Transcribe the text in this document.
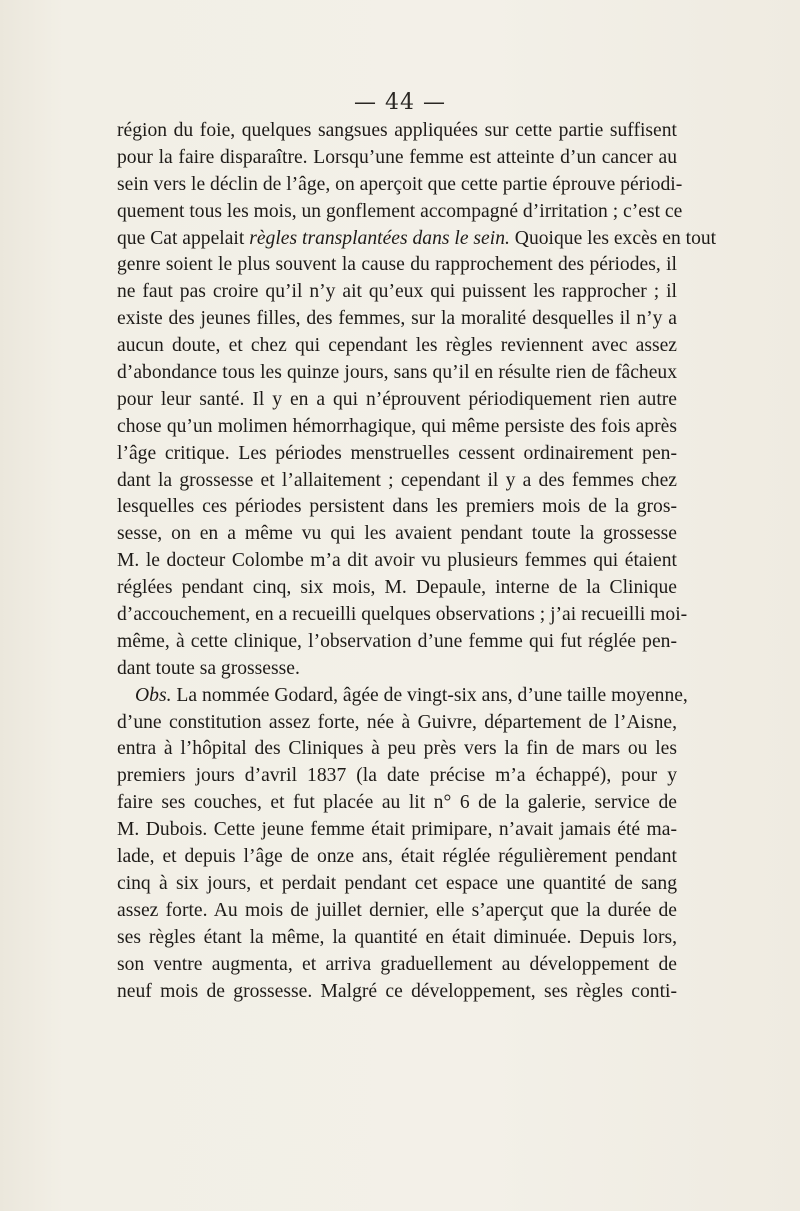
— 44 —
région du foie, quelques sangsues appliquées sur cette partie suffisent
pour la faire disparaître. Lorsqu’une femme est atteinte d’un cancer au
sein vers le déclin de l’âge, on aperçoit que cette partie éprouve périodi-
quement tous les mois, un gonflement accompagné d’irritation ; c’est ce
que Cat appelait règles transplantées dans le sein. Quoique les excès en tout
genre soient le plus souvent la cause du rapprochement des périodes, il
ne faut pas croire qu’il n’y ait qu’eux qui puissent les rapprocher ; il
existe des jeunes filles, des femmes, sur la moralité desquelles il n’y a
aucun doute, et chez qui cependant les règles reviennent avec assez
d’abondance tous les quinze jours, sans qu’il en résulte rien de fâcheux
pour leur santé. Il y en a qui n’éprouvent périodiquement rien autre
chose qu’un molimen hémorrhagique, qui même persiste des fois après
l’âge critique. Les périodes menstruelles cessent ordinairement pen-
dant la grossesse et l’allaitement ; cependant il y a des femmes chez
lesquelles ces périodes persistent dans les premiers mois de la gros-
sesse, on en a même vu qui les avaient pendant toute la grossesse
M. le docteur Colombe m’a dit avoir vu plusieurs femmes qui étaient
réglées pendant cinq, six mois, M. Depaule, interne de la Clinique
d’accouchement, en a recueilli quelques observations ; j’ai recueilli moi-
même, à cette clinique, l’observation d’une femme qui fut réglée pen-
dant toute sa grossesse.
Obs. La nommée Godard, âgée de vingt-six ans, d’une taille moyenne,
d’une constitution assez forte, née à Guivre, département de l’Aisne,
entra à l’hôpital des Cliniques à peu près vers la fin de mars ou les
premiers jours d’avril 1837 (la date précise m’a échappé), pour y
faire ses couches, et fut placée au lit n° 6 de la galerie, service de
M. Dubois. Cette jeune femme était primipare, n’avait jamais été ma-
lade, et depuis l’âge de onze ans, était réglée régulièrement pendant
cinq à six jours, et perdait pendant cet espace une quantité de sang
assez forte. Au mois de juillet dernier, elle s’aperçut que la durée de
ses règles étant la même, la quantité en était diminuée. Depuis lors,
son ventre augmenta, et arriva graduellement au développement de
neuf mois de grossesse. Malgré ce développement, ses règles conti-
